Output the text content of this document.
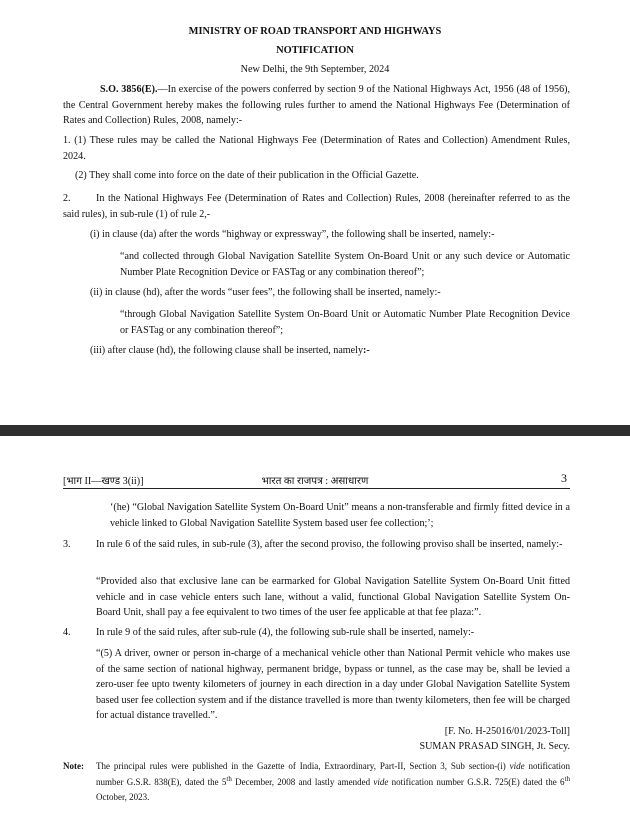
MINISTRY OF ROAD TRANSPORT AND HIGHWAYS
NOTIFICATION
New Delhi, the 9th September, 2024

S.O. 3856(E).—In exercise of the powers conferred by section 9 of the National Highways Act, 1956 (48 of 1956), the Central Government hereby makes the following rules further to amend the National Highways Fee (Determination of Rates and Collection) Rules, 2008, namely:-

1. (1) These rules may be called the National Highways Fee (Determination of Rates and Collection) Amendment Rules, 2024.

(2) They shall come into force on the date of their publication in the Official Gazette.

2.	In the National Highways Fee (Determination of Rates and Collection) Rules, 2008 (hereinafter referred to as the said rules), in sub-rule (1) of rule 2,-

(i) in clause (da) after the words “highway or expressway”, the following shall be inserted, namely:-

“and collected through Global Navigation Satellite System On-Board Unit or any such device or Automatic Number Plate Recognition Device or FASTag or any combination thereof”;

(ii) in clause (hd), after the words “user fees”, the following shall be inserted, namely:-

“through Global Navigation Satellite System On-Board Unit or Automatic Number Plate Recognition Device or FASTag or any combination thereof”;

(iii) after clause (hd), the following clause shall be inserted, namely:-

[भाग II—खण्ड 3(ii)]	भारत का राजपत्र : असाधारण	3

‘(he) “Global Navigation Satellite System On-Board Unit” means a non-transferable and firmly fitted device in a vehicle linked to Global Navigation Satellite System based user fee collection;’;

3.	In rule 6 of the said rules, in sub-rule (3), after the second proviso, the following proviso shall be inserted, namely:-

“Provided also that exclusive lane can be earmarked for Global Navigation Satellite System On-Board Unit fitted vehicle and in case vehicle enters such lane, without a valid, functional Global Navigation Satellite System On-Board Unit, shall pay a fee equivalent to two times of the user fee applicable at that fee plaza:”.

4.	In rule 9 of the said rules, after sub-rule (4), the following sub-rule shall be inserted, namely:-

“(5) A driver, owner or person in-charge of a mechanical vehicle other than National Permit vehicle who makes use of the same section of national highway, permanent bridge, bypass or tunnel, as the case may be, shall be levied a zero-user fee upto twenty kilometers of journey in each direction in a day under Global Navigation Satellite System based user fee collection system and if the distance travelled is more than twenty kilometers, then fee will be charged for actual distance travelled.”.

[F. No. H-25016/01/2023-Toll]
SUMAN PRASAD SINGH, Jt. Secy.
Note: The principal rules were published in the Gazette of India, Extraordinary, Part-II, Section 3, Sub section-(i) vide notification number G.S.R. 838(E), dated the 5th December, 2008 and lastly amended vide notification number G.S.R. 725(E) dated the 6th October, 2023.
